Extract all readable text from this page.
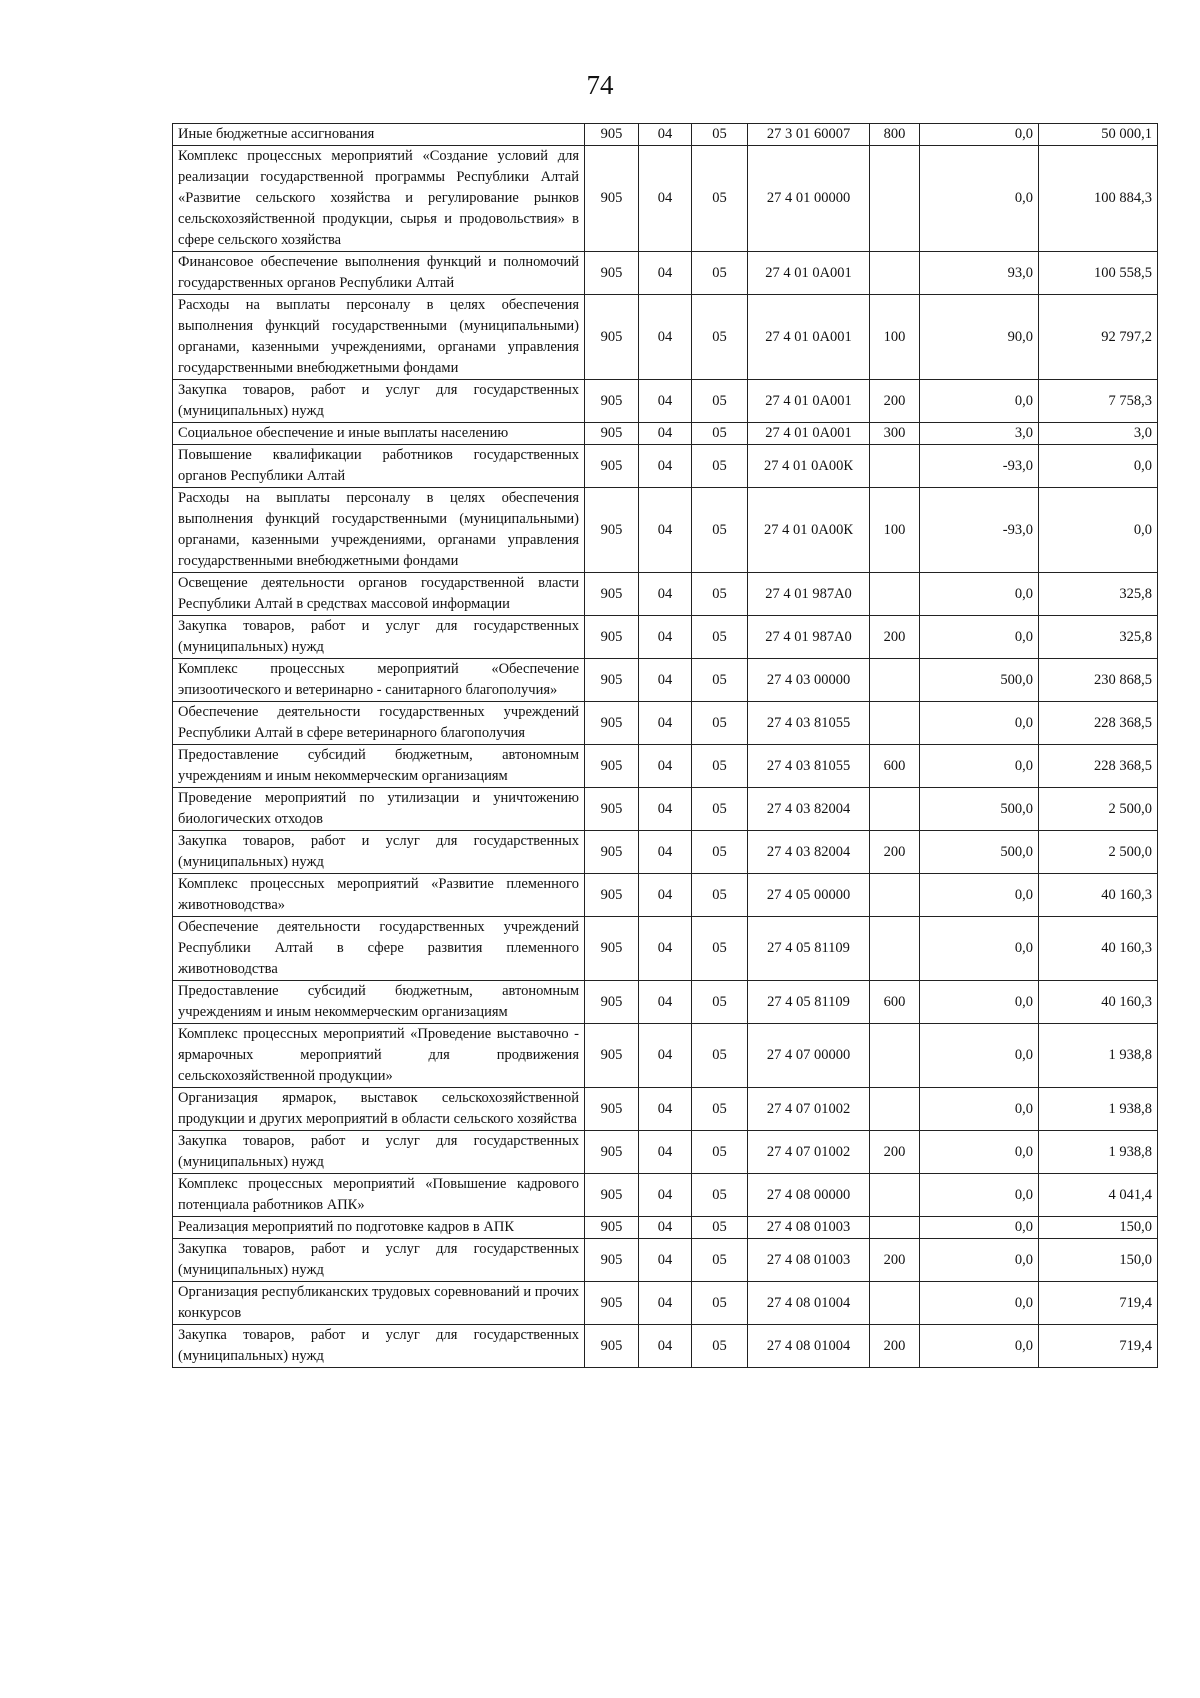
74
Иные бюджетные ассигнования	905	04	05	27 3 01 60007	800	0,0	50 000,1
Комплекс процессных мероприятий «Создание условий для реализации государственной программы Республики Алтай «Развитие сельского хозяйства и регулирование рынков сельскохозяйственной продукции, сырья и продовольствия» в сфере сельского хозяйства	905	04	05	27 4 01 00000		0,0	100 884,3
Финансовое обеспечение выполнения функций и полномочий государственных органов Республики Алтай	905	04	05	27 4 01 0А001		93,0	100 558,5
Расходы на выплаты персоналу в целях обеспечения выполнения функций государственными (муниципальными) органами, казенными учреждениями, органами управления государственными внебюджетными фондами	905	04	05	27 4 01 0А001	100	90,0	92 797,2
Закупка товаров, работ и услуг для государственных (муниципальных) нужд	905	04	05	27 4 01 0А001	200	0,0	7 758,3
Социальное обеспечение и иные выплаты населению	905	04	05	27 4 01 0А001	300	3,0	3,0
Повышение квалификации работников государственных органов Республики Алтай	905	04	05	27 4 01 0А00К		-93,0	0,0
Расходы на выплаты персоналу в целях обеспечения выполнения функций государственными (муниципальными) органами, казенными учреждениями, органами управления государственными внебюджетными фондами	905	04	05	27 4 01 0А00К	100	-93,0	0,0
Освещение деятельности органов государственной власти Республики Алтай в средствах массовой информации	905	04	05	27 4 01 987А0		0,0	325,8
Закупка товаров, работ и услуг для государственных (муниципальных) нужд	905	04	05	27 4 01 987А0	200	0,0	325,8
Комплекс процессных мероприятий «Обеспечение эпизоотического и ветеринарно - санитарного благополучия»	905	04	05	27 4 03 00000		500,0	230 868,5
Обеспечение деятельности государственных учреждений Республики Алтай в сфере ветеринарного благополучия	905	04	05	27 4 03 81055		0,0	228 368,5
Предоставление субсидий бюджетным, автономным учреждениям и иным некоммерческим организациям	905	04	05	27 4 03 81055	600	0,0	228 368,5
Проведение мероприятий по утилизации и уничтожению биологических отходов	905	04	05	27 4 03 82004		500,0	2 500,0
Закупка товаров, работ и услуг для государственных (муниципальных) нужд	905	04	05	27 4 03 82004	200	500,0	2 500,0
Комплекс процессных мероприятий «Развитие племенного животноводства»	905	04	05	27 4 05 00000		0,0	40 160,3
Обеспечение деятельности государственных учреждений Республики Алтай в сфере развития племенного животноводства	905	04	05	27 4 05 81109		0,0	40 160,3
Предоставление субсидий бюджетным, автономным учреждениям и иным некоммерческим организациям	905	04	05	27 4 05 81109	600	0,0	40 160,3
Комплекс процессных мероприятий «Проведение выставочно - ярмарочных мероприятий для продвижения сельскохозяйственной продукции»	905	04	05	27 4 07 00000		0,0	1 938,8
Организация ярмарок, выставок сельскохозяйственной продукции и других мероприятий в области сельского хозяйства	905	04	05	27 4 07 01002		0,0	1 938,8
Закупка товаров, работ и услуг для государственных (муниципальных) нужд	905	04	05	27 4 07 01002	200	0,0	1 938,8
Комплекс процессных мероприятий «Повышение кадрового потенциала работников АПК»	905	04	05	27 4 08 00000		0,0	4 041,4
Реализация мероприятий по подготовке кадров в АПК	905	04	05	27 4 08 01003		0,0	150,0
Закупка товаров, работ и услуг для государственных (муниципальных) нужд	905	04	05	27 4 08 01003	200	0,0	150,0
Организация республиканских трудовых соревнований и прочих конкурсов	905	04	05	27 4 08 01004		0,0	719,4
Закупка товаров, работ и услуг для государственных (муниципальных) нужд	905	04	05	27 4 08 01004	200	0,0	719,4
